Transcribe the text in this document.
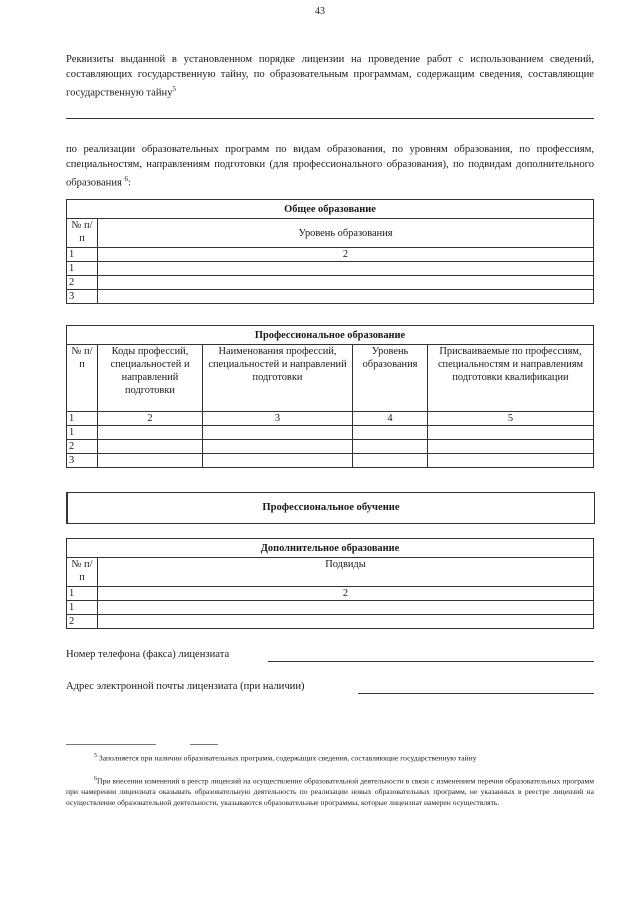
43
Реквизиты выданной в установленном порядке лицензии на проведение работ с использованием сведений, составляющих государственную тайну, по образовательным программам, содержащим сведения, составляющие государственную тайну$^5$
по реализации образовательных программ по видам образования, по уровням образования, по профессиям, специальностям, направлениям подготовки (для профессионального образования), по подвидам дополнительного образования $^6$:
Общее образование	
№ п/п	Уровень образования
1	2
1	
2	
3	
Профессиональное образование				
№ п/п	Коды профессий, специальностей и направлений подготовки	Наименования профессий, специальностей и направлений подготовки	Уровень образования	Присваиваемые по профессиям, специальностям и направлениям подготовки квалификации
1	2	3	4	5
1				
2				
3				
Профессиональное обучение
Дополнительное образование	
№ п/п	Подвиды
1	2
1	
2	
Номер телефона (факса) лицензиата
Адрес электронной почты лицензиата (при наличии)
$^5$ Заполняется при наличии образовательных программ, содержащих сведения, составляющие государственную тайну
$^6$При внесении изменений в реестр лицензий на осуществление образовательной деятельности в связи с изменением перечня образовательных программ при намерении лицензиата оказывать образовательную деятельность по реализации новых образовательных программ, не указанных в реестре лицензий на осуществление образовательной деятельности, указываются образовательные программы, которые лицензиат намерен осуществлять.
